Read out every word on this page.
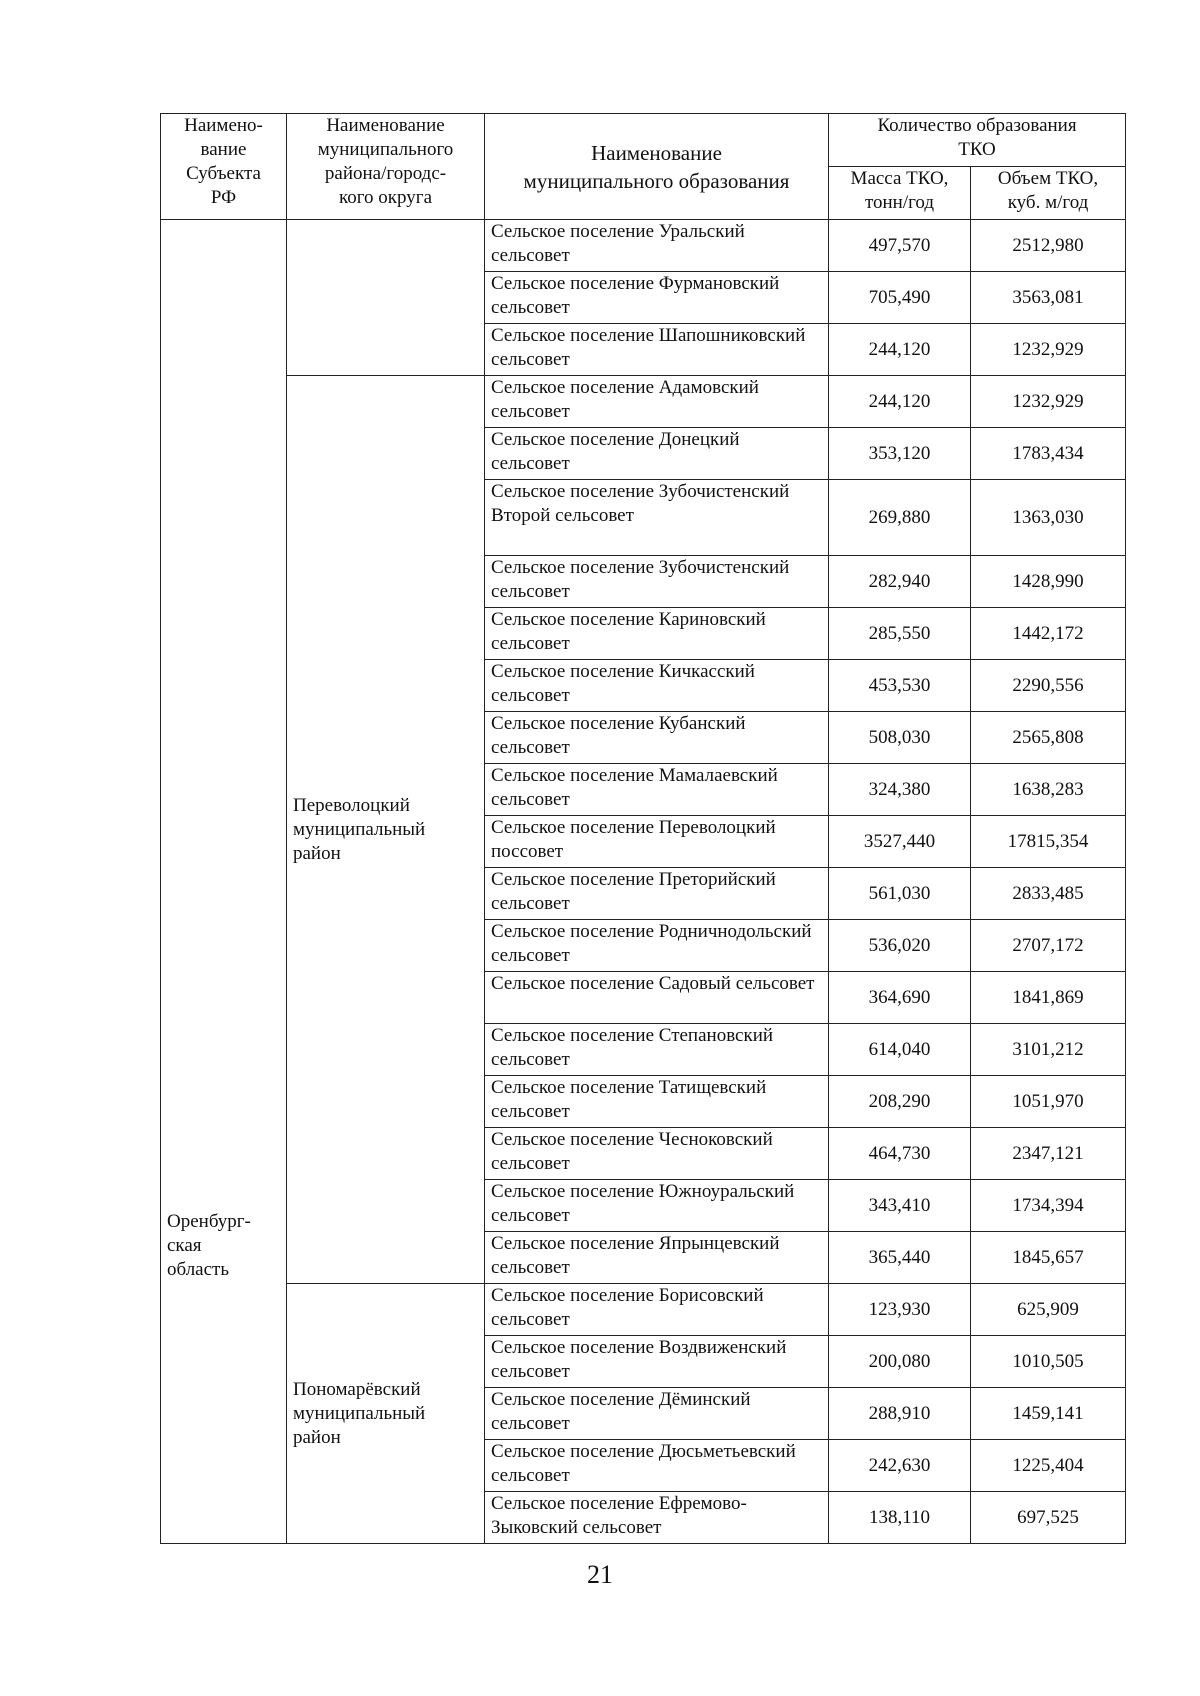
Наимено-
вание
Субъекта
РФ	Наименование
муниципального
района/городс-
кого округа	Наименование
муниципального образования	Количество образования
ТКО	
			Масса ТКО,
тонн/год	Объем ТКО,
куб. м/год
Оренбург-
ская
область		Сельское поселение Уральский сельсовет	497,570	2512,980
		Сельское поселение Фурмановский сельсовет	705,490	3563,081
		Сельское поселение Шапошниковский сельсовет	244,120	1232,929
	Переволоцкий
муниципальный
район	Сельское поселение Адамовский сельсовет	244,120	1232,929
		Сельское поселение Донецкий сельсовет	353,120	1783,434
		Сельское поселение Зубочистенский Второй сельсовет	269,880	1363,030
		Сельское поселение Зубочистенский сельсовет	282,940	1428,990
		Сельское поселение Кариновский сельсовет	285,550	1442,172
		Сельское поселение Кичкасский сельсовет	453,530	2290,556
		Сельское поселение Кубанский сельсовет	508,030	2565,808
		Сельское поселение Мамалаевский сельсовет	324,380	1638,283
		Сельское поселение Переволоцкий поссовет	3527,440	17815,354
		Сельское поселение Преторийский сельсовет	561,030	2833,485
		Сельское поселение Родничнодольский сельсовет	536,020	2707,172
		Сельское поселение Садовый сельсовет	364,690	1841,869
		Сельское поселение Степановский сельсовет	614,040	3101,212
		Сельское поселение Татищевский сельсовет	208,290	1051,970
		Сельское поселение Чесноковский сельсовет	464,730	2347,121
		Сельское поселение Южноуральский сельсовет	343,410	1734,394
		Сельское поселение Япрынцевский сельсовет	365,440	1845,657
	Пономарёвский
муниципальный
район	Сельское поселение Борисовский сельсовет	123,930	625,909
		Сельское поселение Воздвиженский сельсовет	200,080	1010,505
		Сельское поселение Дёминский сельсовет	288,910	1459,141
		Сельское поселение Дюсьметьевский сельсовет	242,630	1225,404
		Сельское поселение Ефремово-Зыковский сельсовет	138,110	697,525
21
